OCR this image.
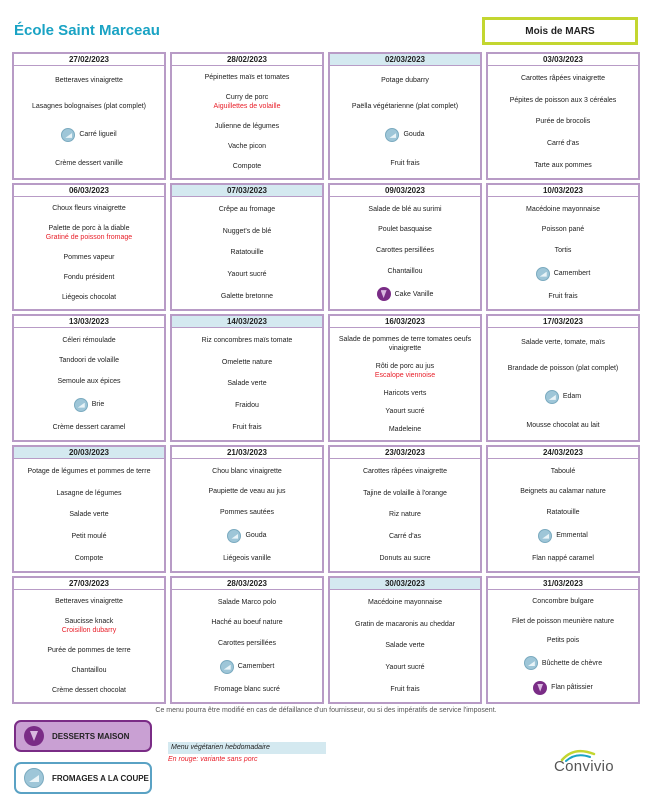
École Saint Marceau	Mois de MARS
27/02/2023
Betteraves vinaigrette
Lasagnes bolognaises (plat complet)
Carré ligueil
Crème dessert vanille
28/02/2023
Pépinettes maïs et tomates
Curry de porc
Aiguillettes de volaille
Julienne de légumes
Vache picon
Compote
02/03/2023
Potage dubarry
Paëlla végétarienne (plat complet)
Gouda
Fruit frais
03/03/2023
Carottes râpées vinaigrette
Pépites de poisson aux 3 céréales
Purée de brocolis
Carré d'as
Tarte aux pommes
06/03/2023
Choux fleurs vinaigrette
Palette de porc à la diable
Gratiné de poisson fromage
Pommes vapeur
Fondu président
Liégeois chocolat
07/03/2023
Crêpe au fromage
Nugget's de blé
Ratatouille
Yaourt sucré
Galette bretonne
09/03/2023
Salade de blé au surimi
Poulet basquaise
Carottes persillées
Chantaillou
Cake Vanille
10/03/2023
Macédoine mayonnaise
Poisson pané
Tortis
Camembert
Fruit frais
13/03/2023
Céleri rémoulade
Tandoori de volaille
Semoule aux épices
Brie
Crème dessert caramel
14/03/2023
Riz concombres maïs tomate
Omelette nature
Salade verte
Fraidou
Fruit frais
16/03/2023
Salade de pommes de terre tomates oeufs vinaigrette
Rôti de porc au jus
Escalope viennoise
Haricots verts
Yaourt sucré
Madeleine
17/03/2023
Salade verte, tomate, maïs
Brandade de poisson (plat complet)
Edam
Mousse chocolat au lait
20/03/2023
Potage de légumes et pommes de terre
Lasagne de légumes
Salade verte
Petit moulé
Compote
21/03/2023
Chou blanc vinaigrette
Paupiette de veau au jus
Pommes sautées
Gouda
Liégeois vanille
23/03/2023
Carottes râpées vinaigrette
Tajine de volaille à l'orange
Riz nature
Carré d'as
Donuts au sucre
24/03/2023
Taboulé
Beignets au calamar nature
Ratatouille
Emmental
Flan nappé caramel
27/03/2023
Betteraves vinaigrette
Saucisse knack
Croisillon dubarry
Purée de pommes de terre
Chantaillou
Crème dessert chocolat
28/03/2023
Salade Marco polo
Haché au boeuf nature
Carottes persillées
Camembert
Fromage blanc sucré
30/03/2023
Macédoine mayonnaise
Gratin de macaronis au cheddar
Salade verte
Yaourt sucré
Fruit frais
31/03/2023
Concombre bulgare
Filet de poisson meunière nature
Petits pois
Bûchette de chèvre
Flan pâtissier
Ce menu pourra être modifié en cas de défaillance d'un fournisseur, ou si des impératifs de service l'imposent.
DESSERTS MAISON
FROMAGES A LA COUPE
Menu végétarien hebdomadaire
En rouge: variante sans porc	Convivio
